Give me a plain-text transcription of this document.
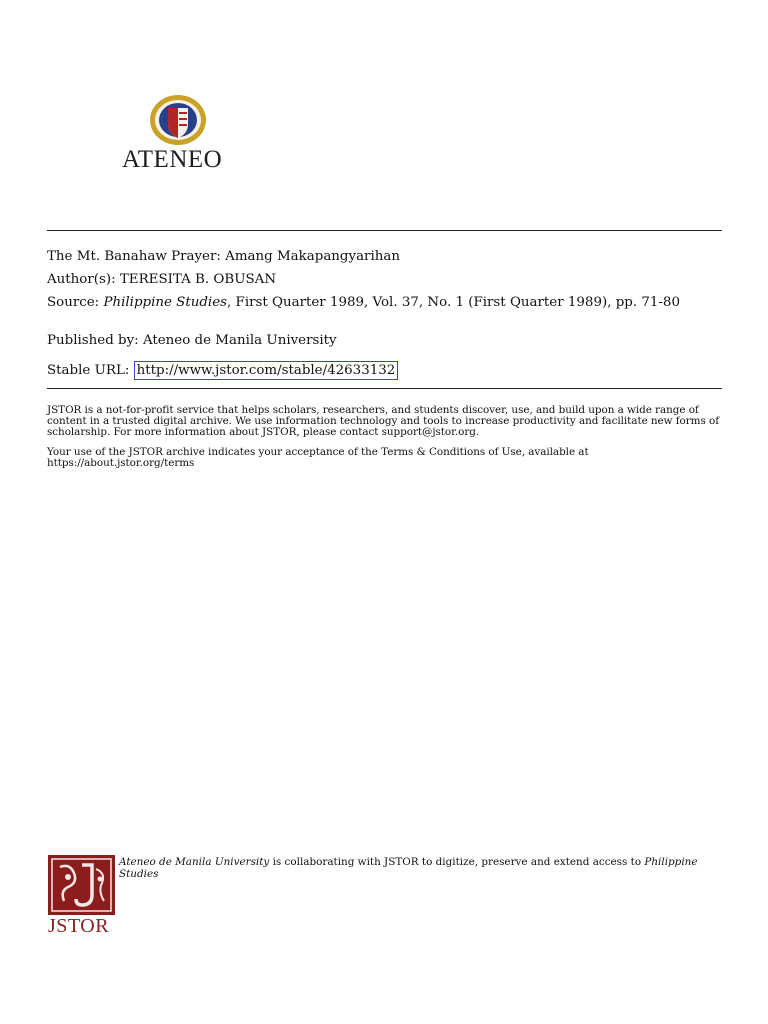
ATENEO
The Mt. Banahaw Prayer: Amang Makapangyarihan
Author(s): TERESITA B. OBUSAN
Source: Philippine Studies, First Quarter 1989, Vol. 37, No. 1 (First Quarter 1989), pp. 71-80
Published by: Ateneo de Manila University
Stable URL: http://www.jstor.com/stable/42633132
JSTOR is a not-for-profit service that helps scholars, researchers, and students discover, use, and build upon a wide range of content in a trusted digital archive. We use information technology and tools to increase productivity and facilitate new forms of scholarship. For more information about JSTOR, please contact support@jstor.org.
Your use of the JSTOR archive indicates your acceptance of the Terms & Conditions of Use, available at https://about.jstor.org/terms
JSTOR
Ateneo de Manila University is collaborating with JSTOR to digitize, preserve and extend access to Philippine Studies
